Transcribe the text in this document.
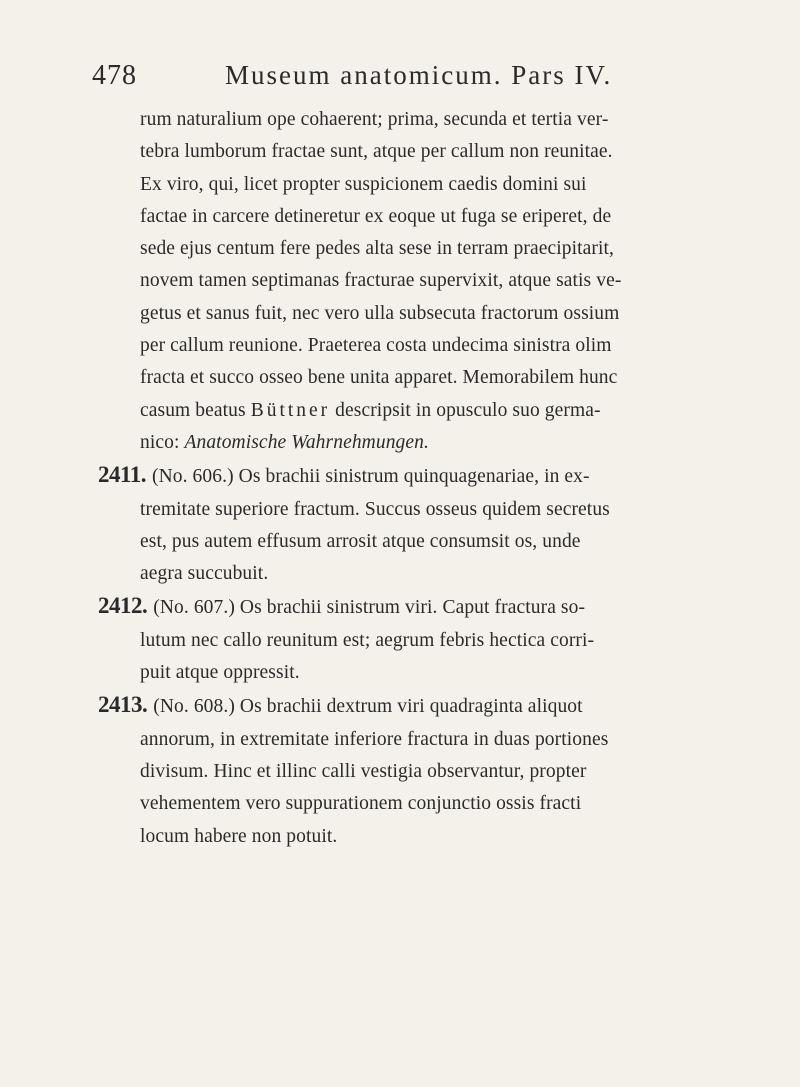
478	Museum anatomicum. Pars IV.
rum naturalium ope cohaerent; prima, secunda et tertia ver-
tebra lumborum fractae sunt, atque per callum non reunitae.
Ex viro, qui, licet propter suspicionem caedis domini sui
factae in carcere detineretur ex eoque ut fuga se eriperet, de
sede ejus centum fere pedes alta sese in terram praecipitarit,
novem tamen septimanas fracturae supervixit, atque satis ve-
getus et sanus fuit, nec vero ulla subsecuta fractorum ossium
per callum reunione. Praeterea costa undecima sinistra olim
fracta et succo osseo bene unita apparet. Memorabilem hunc
casum beatus Büttner descripsit in opusculo suo germa-
nico: Anatomische Wahrnehmungen.
2411. (No. 606.) Os brachii sinistrum quinquagenariae, in ex-
tremitate superiore fractum. Succus osseus quidem secretus
est, pus autem effusum arrosit atque consumsit os, unde
aegra succubuit.
2412. (No. 607.) Os brachii sinistrum viri. Caput fractura so-
lutum nec callo reunitum est; aegrum febris hectica corri-
puit atque oppressit.
2413. (No. 608.) Os brachii dextrum viri quadraginta aliquot
annorum, in extremitate inferiore fractura in duas portiones
divisum. Hinc et illinc calli vestigia observantur, propter
vehementem vero suppurationem conjunctio ossis fracti
locum habere non potuit.
